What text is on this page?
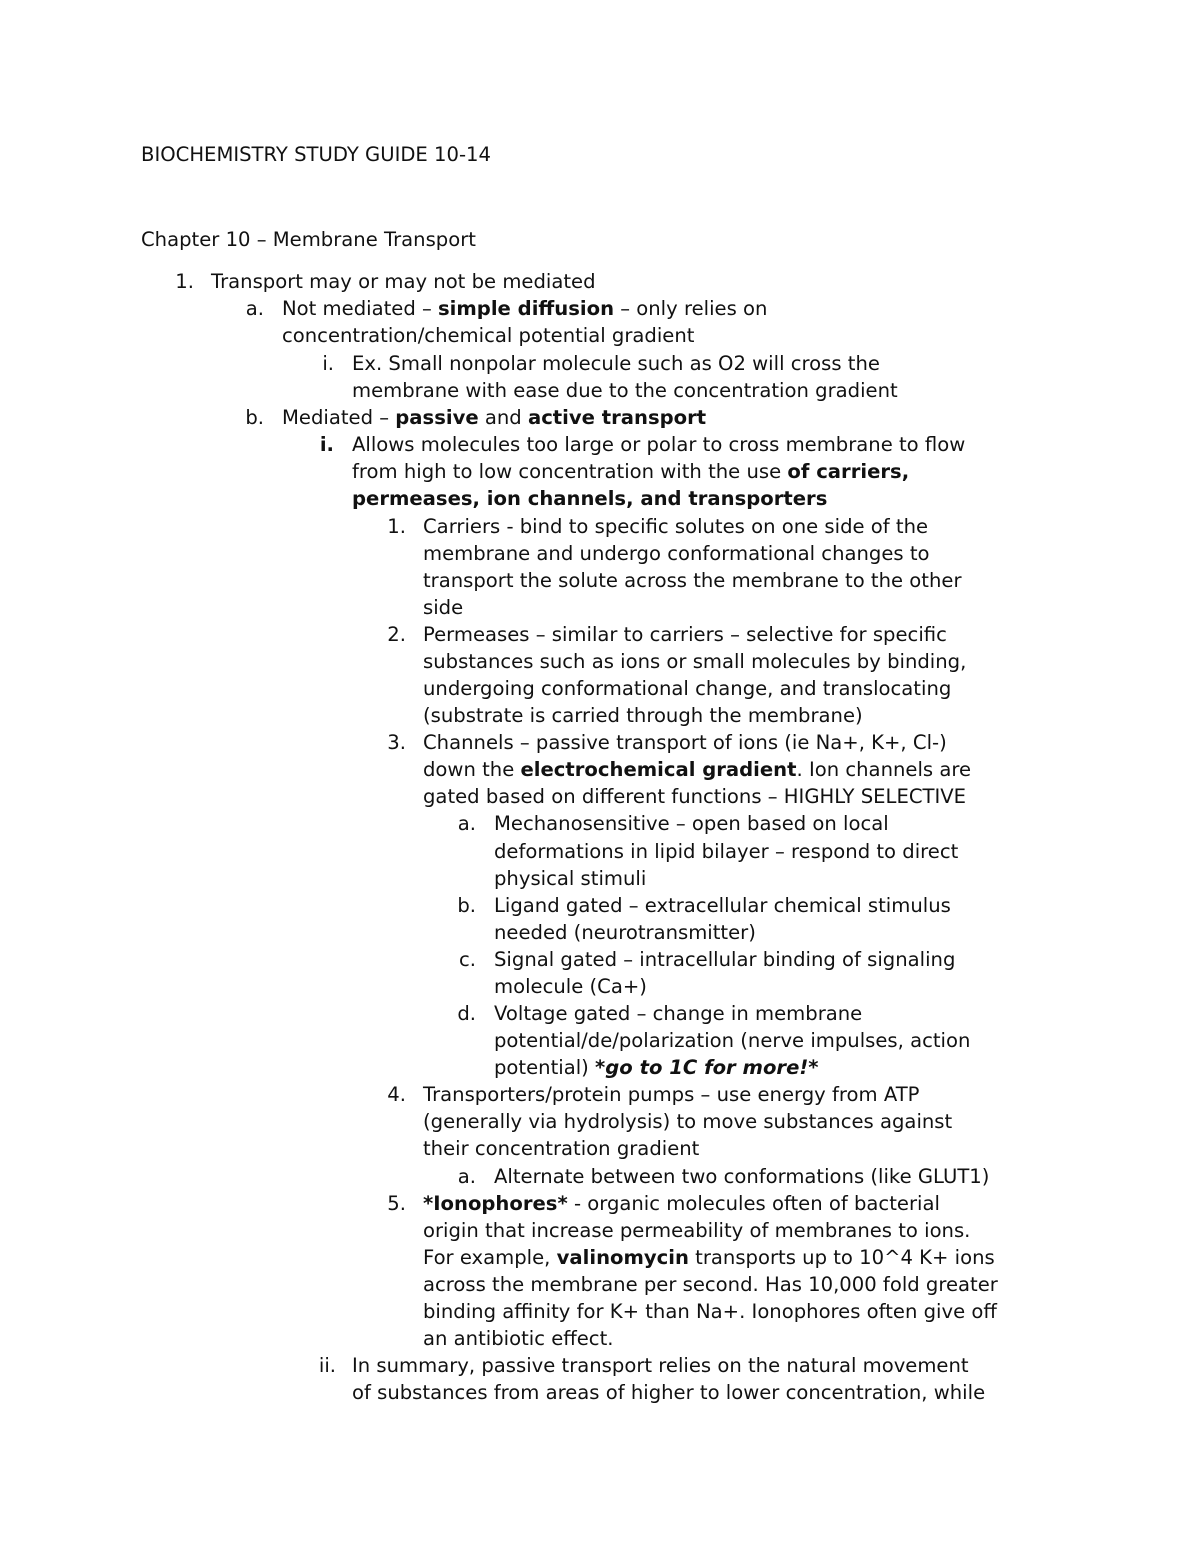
BIOCHEMISTRY STUDY GUIDE 10-14
Chapter 10 – Membrane Transport
1. Transport may or may not be mediated
a. Not mediated – simple diffusion – only relies on
concentration/chemical potential gradient
i. Ex. Small nonpolar molecule such as O2 will cross the
membrane with ease due to the concentration gradient
b. Mediated – passive and active transport
i. Allows molecules too large or polar to cross membrane to flow
from high to low concentration with the use of carriers,
permeases, ion channels, and transporters
1. Carriers - bind to specific solutes on one side of the
membrane and undergo conformational changes to
transport the solute across the membrane to the other
side
2. Permeases – similar to carriers – selective for specific
substances such as ions or small molecules by binding,
undergoing conformational change, and translocating
(substrate is carried through the membrane)
3. Channels – passive transport of ions (ie Na+, K+, Cl-)
down the electrochemical gradient. Ion channels are
gated based on different functions – HIGHLY SELECTIVE
a. Mechanosensitive – open based on local
deformations in lipid bilayer – respond to direct
physical stimuli
b. Ligand gated – extracellular chemical stimulus
needed (neurotransmitter)
c. Signal gated – intracellular binding of signaling
molecule (Ca+)
d. Voltage gated – change in membrane
potential/de/polarization (nerve impulses, action
potential) *go to 1C for more!*
4. Transporters/protein pumps – use energy from ATP
(generally via hydrolysis) to move substances against
their concentration gradient
a. Alternate between two conformations (like GLUT1)
5. *Ionophores* - organic molecules often of bacterial
origin that increase permeability of membranes to ions.
For example, valinomycin transports up to 10^4 K+ ions
across the membrane per second. Has 10,000 fold greater
binding affinity for K+ than Na+. Ionophores often give off
an antibiotic effect.
ii. In summary, passive transport relies on the natural movement
of substances from areas of higher to lower concentration, while
